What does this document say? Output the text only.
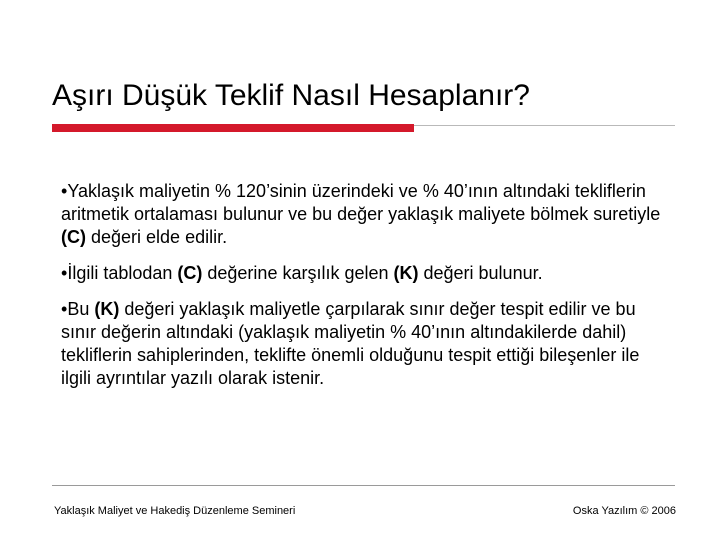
Aşırı Düşük Teklif Nasıl Hesaplanır?

•Yaklaşık maliyetin % 120’sinin üzerindeki ve % 40’ının altındaki tekliflerin aritmetik ortalaması bulunur ve bu değer yaklaşık maliyete bölmek suretiyle (C) değeri elde edilir.

•İlgili tablodan (C) değerine karşılık gelen (K) değeri bulunur.

•Bu (K) değeri yaklaşık maliyetle çarpılarak sınır değer tespit edilir ve bu sınır değerin altındaki (yaklaşık maliyetin % 40’ının altındakilerde dahil) tekliflerin sahiplerinden, teklifte önemli olduğunu tespit ettiği bileşenler ile ilgili ayrıntılar yazılı olarak istenir.

Yaklaşık Maliyet ve Hakediş Düzenleme Semineri	Oska Yazılım © 2006
